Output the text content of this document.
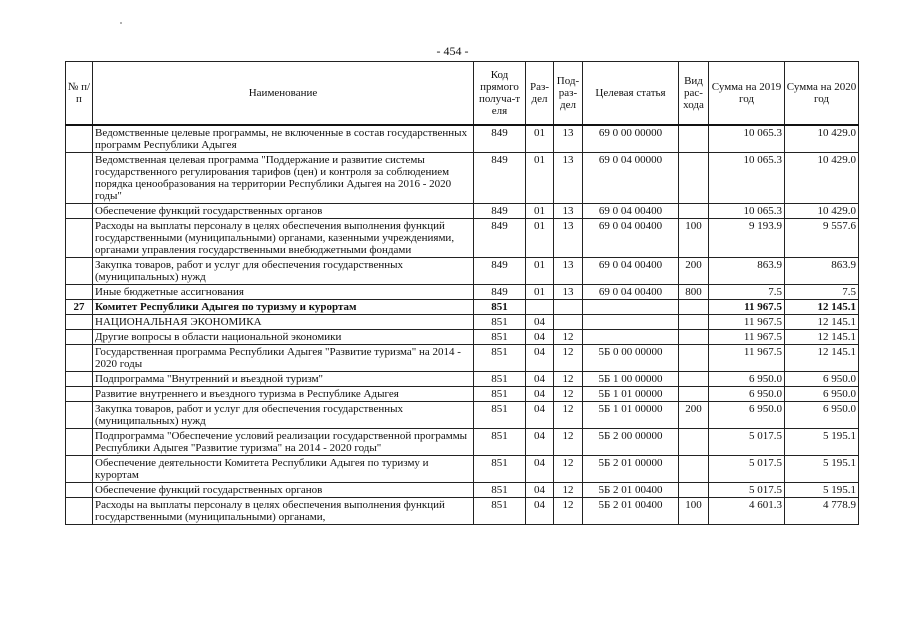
- 454 -
№ п/п	Наименование	Код прямого получа-т еля	Раз-дел	Под-раз-дел	Целевая статья	Вид рас-хода	Сумма на 2019 год	Сумма на 2020 год
	Ведомственные целевые программы, не включенные в состав государственных программ Республики Адыгея	849	01	13	69 0 00 00000		10 065.3	10 429.0
	Ведомственная целевая программа "Поддержание и развитие системы государственного регулирования тарифов (цен) и контроля за соблюдением порядка ценообразования на территории Республики Адыгея на 2016 - 2020 годы"	849	01	13	69 0 04 00000		10 065.3	10 429.0
	Обеспечение функций государственных органов	849	01	13	69 0 04 00400		10 065.3	10 429.0
	Расходы на выплаты персоналу в целях обеспечения выполнения функций государственными (муниципальными) органами, казенными учреждениями, органами управления государственными внебюджетными фондами	849	01	13	69 0 04 00400	100	9 193.9	9 557.6
	Закупка товаров, работ и услуг для обеспечения государственных (муниципальных) нужд	849	01	13	69 0 04 00400	200	863.9	863.9
	Иные бюджетные ассигнования	849	01	13	69 0 04 00400	800	7.5	7.5
27	Комитет Республики Адыгея по туризму и курортам	851					11 967.5	12 145.1
	НАЦИОНАЛЬНАЯ ЭКОНОМИКА	851	04				11 967.5	12 145.1
	Другие вопросы в области национальной экономики	851	04	12			11 967.5	12 145.1
	Государственная программа Республики Адыгея "Развитие туризма" на 2014 - 2020 годы	851	04	12	5Б 0 00 00000		11 967.5	12 145.1
	Подпрограмма "Внутренний и въездной туризм"	851	04	12	5Б 1 00 00000		6 950.0	6 950.0
	Развитие внутреннего и въездного туризма в Республике Адыгея	851	04	12	5Б 1 01 00000		6 950.0	6 950.0
	Закупка товаров, работ и услуг для обеспечения государственных (муниципальных) нужд	851	04	12	5Б 1 01 00000	200	6 950.0	6 950.0
	Подпрограмма "Обеспечение условий реализации государственной программы Республики Адыгея "Развитие туризма" на 2014 - 2020 годы"	851	04	12	5Б 2 00 00000		5 017.5	5 195.1
	Обеспечение деятельности Комитета Республики Адыгея по туризму и курортам	851	04	12	5Б 2 01 00000		5 017.5	5 195.1
	Обеспечение функций государственных органов	851	04	12	5Б 2 01 00400		5 017.5	5 195.1
	Расходы на выплаты персоналу в целях обеспечения выполнения функций государственными (муниципальными) органами,	851	04	12	5Б 2 01 00400	100	4 601.3	4 778.9
